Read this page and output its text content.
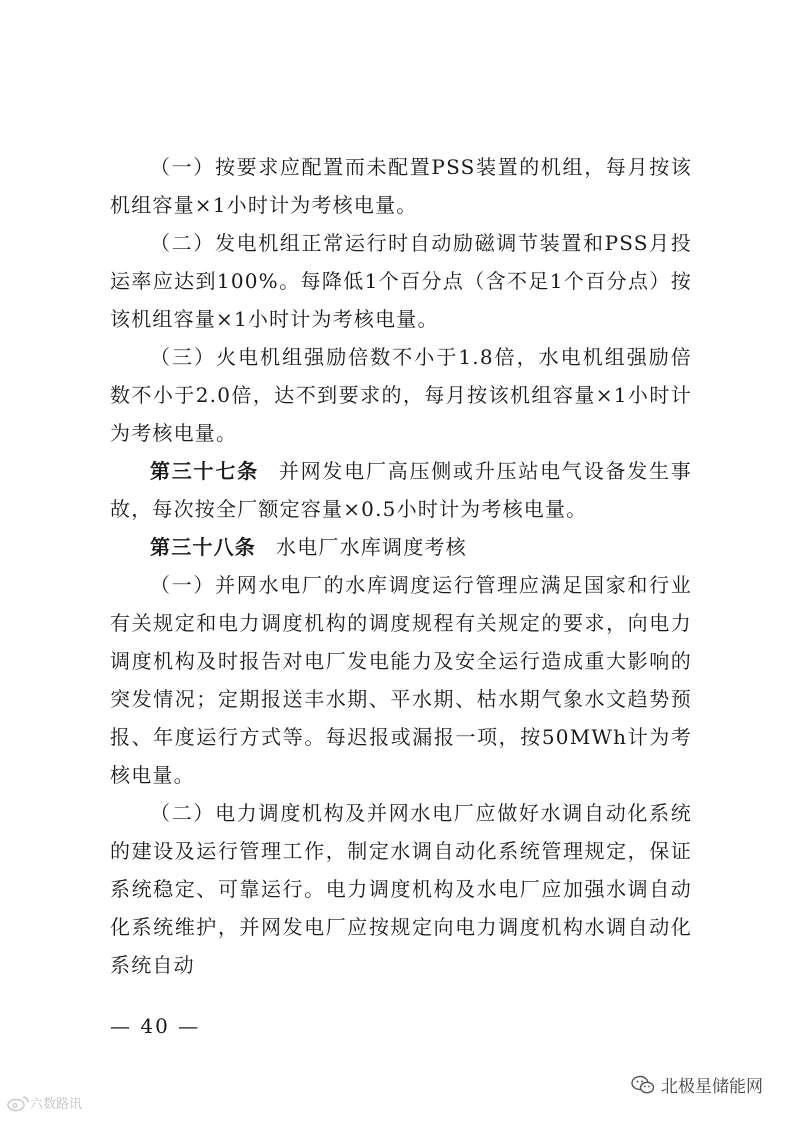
（一）按要求应配置而未配置PSS装置的机组，每月按该机组容量×1小时计为考核电量。

（二）发电机组正常运行时自动励磁调节装置和PSS月投运率应达到100%。每降低1个百分点（含不足1个百分点）按该机组容量×1小时计为考核电量。

（三）火电机组强励倍数不小于1.8倍，水电机组强励倍数不小于2.0倍，达不到要求的，每月按该机组容量×1小时计为考核电量。

第三十七条 并网发电厂高压侧或升压站电气设备发生事故，每次按全厂额定容量×0.5小时计为考核电量。

第三十八条 水电厂水库调度考核

（一）并网水电厂的水库调度运行管理应满足国家和行业有关规定和电力调度机构的调度规程有关规定的要求，向电力调度机构及时报告对电厂发电能力及安全运行造成重大影响的突发情况；定期报送丰水期、平水期、枯水期气象水文趋势预报、年度运行方式等。每迟报或漏报一项，按50MWh计为考核电量。

（二）电力调度机构及并网水电厂应做好水调自动化系统的建设及运行管理工作，制定水调自动化系统管理规定，保证系统稳定、可靠运行。电力调度机构及水电厂应加强水调自动化系统维护，并网发电厂应按规定向电力调度机构水调自动化系统自动

— 40 —
六数路讯
北极星储能网
